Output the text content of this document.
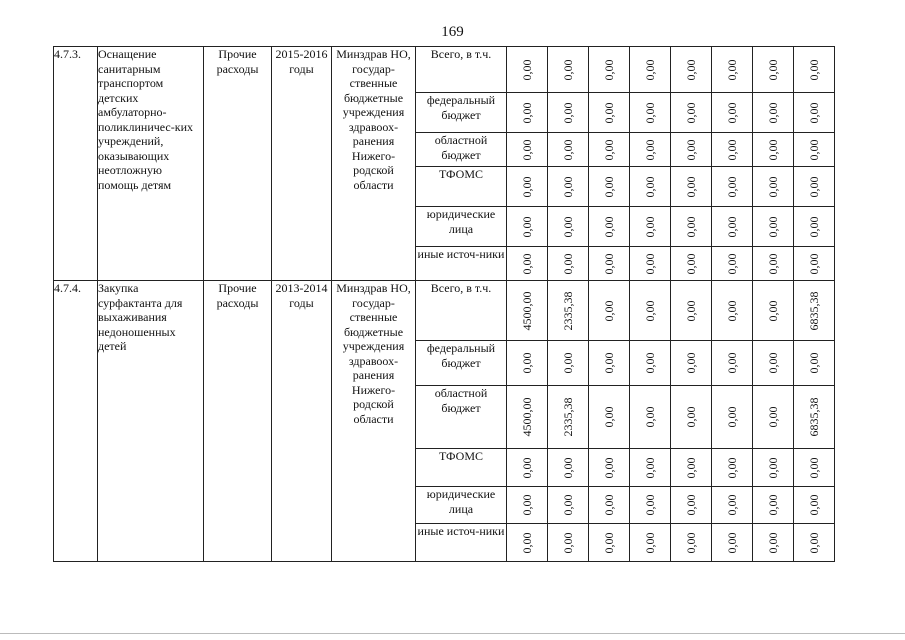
169
4.7.3.	Оснащение санитарным транспортом детских амбулаторно-поликлиничес-ких учреждений, оказывающих неотложную помощь детям	Прочие расходы	2015-2016 годы	Минздрав НО, государ-ственные бюджетные учреждения здравоох-ранения Нижего-родской области	Всего, в т.ч.	0,00	0,00	0,00	0,00	0,00	0,00	0,00	0,00

					федеральный бюджет	0,00	0,00	0,00	0,00	0,00	0,00	0,00	0,00

					областной бюджет	0,00	0,00	0,00	0,00	0,00	0,00	0,00	0,00

					ТФОМС	0,00	0,00	0,00	0,00	0,00	0,00	0,00	0,00

					юридические лица	0,00	0,00	0,00	0,00	0,00	0,00	0,00	0,00

					иные источ-ники	0,00	0,00	0,00	0,00	0,00	0,00	0,00	0,00

4.7.4.	Закупка сурфактанта для выхаживания недоношенных детей	Прочие расходы	2013-2014 годы	Минздрав НО, государ-ственные бюджетные учреждения здравоох-ранения Нижего-родской области	Всего, в т.ч.	4500,00	2335,38	0,00	0,00	0,00	0,00	0,00	6835,38

					федеральный бюджет	0,00	0,00	0,00	0,00	0,00	0,00	0,00	0,00

					областной бюджет	4500,00	2335,38	0,00	0,00	0,00	0,00	0,00	6835,38

					ТФОМС	0,00	0,00	0,00	0,00	0,00	0,00	0,00	0,00

					юридические лица	0,00	0,00	0,00	0,00	0,00	0,00	0,00	0,00

					иные источ-ники	0,00	0,00	0,00	0,00	0,00	0,00	0,00	0,00
